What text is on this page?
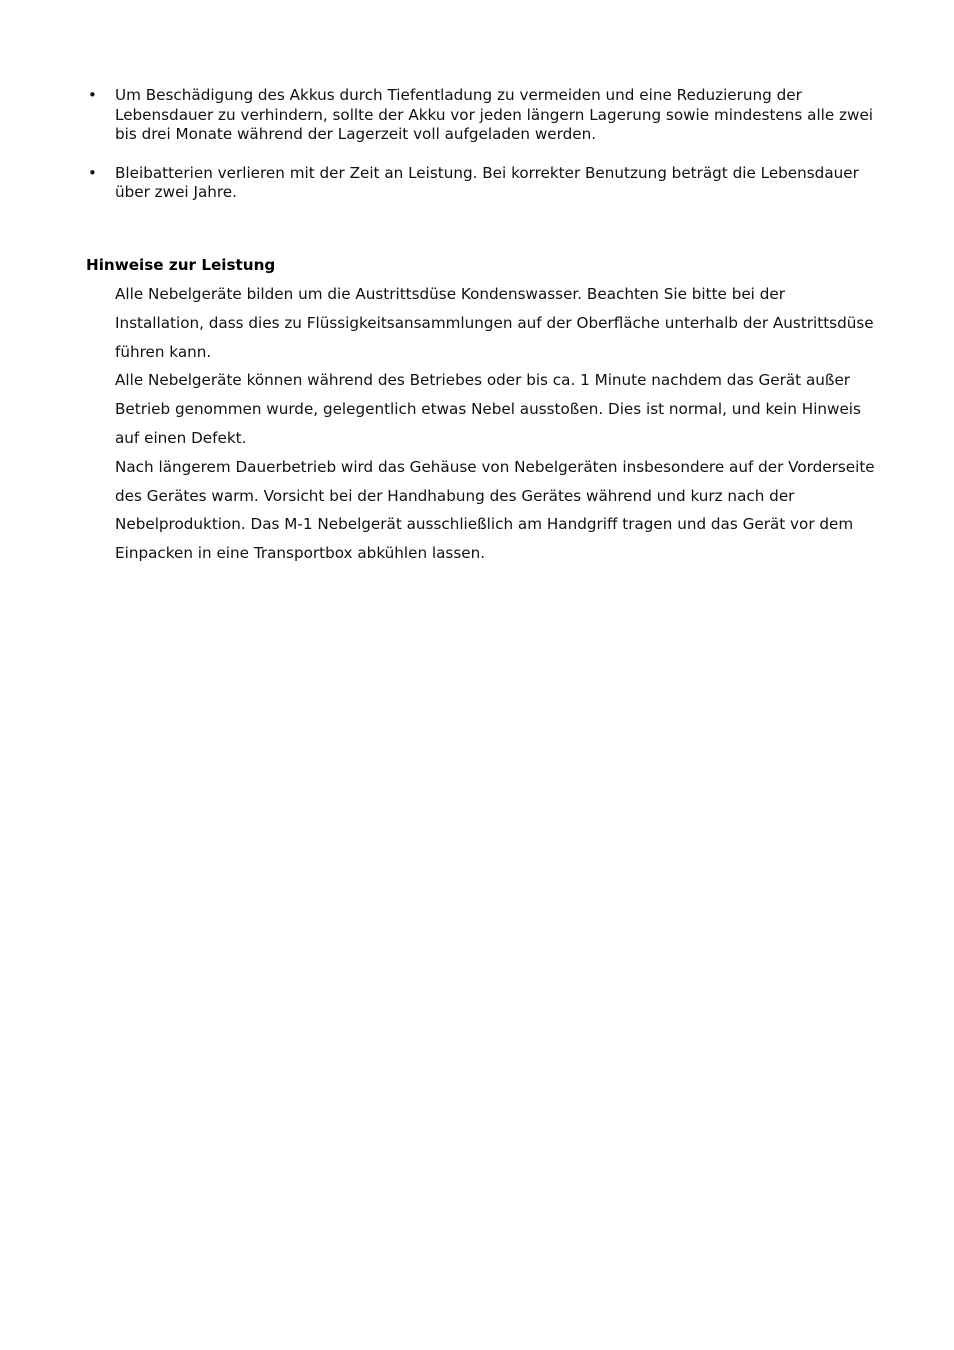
• Um Beschädigung des Akkus durch Tiefentladung zu vermeiden und eine Reduzierung der Lebensdauer zu verhindern, sollte der Akku vor jeden längern Lagerung sowie mindestens alle zwei bis drei Monate während der Lagerzeit voll aufgeladen werden.
• Bleibatterien verlieren mit der Zeit an Leistung. Bei korrekter Benutzung beträgt die Lebensdauer über zwei Jahre.
Hinweise zur Leistung

Alle Nebelgeräte bilden um die Austrittsdüse Kondenswasser. Beachten Sie bitte bei der Installation, dass dies zu Flüssigkeitsansammlungen auf der Oberfläche unterhalb der Austrittsdüse führen kann.

Alle Nebelgeräte können während des Betriebes oder bis ca. 1 Minute nachdem das Gerät außer Betrieb genommen wurde, gelegentlich etwas Nebel ausstoßen. Dies ist normal, und kein Hinweis auf einen Defekt.

Nach längerem Dauerbetrieb wird das Gehäuse von Nebelgeräten insbesondere auf der Vorderseite des Gerätes warm. Vorsicht bei der Handhabung des Gerätes während und kurz nach der Nebelproduktion. Das M-1 Nebelgerät ausschließlich am Handgriff tragen und das Gerät vor dem Einpacken in eine Transportbox abkühlen lassen.
